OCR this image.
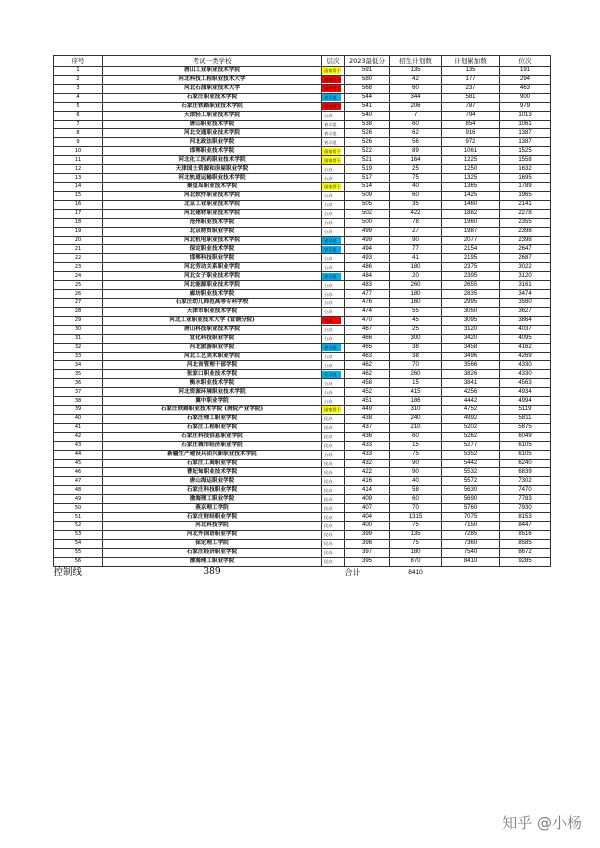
序号	考试一类学校	层次	2023最低分	招生计划数	计划累加数	位次
1	唐山工业职业技术学院	国家骨干	591	135	135	191
2	河北科技工程职业技术大学	国家骨干	580	42	177	294
3	河北石油职业技术大学	国家骨干	568	60	237	463
4	石家庄职业技术学院	省示范	544	344	581	900
5	石家庄铁路职业技术学院	国家骨干	541	206	787	979
6	天津轻工职业技术学院	公办	540	7	794	1013
7	唐山职业技术学院	省示范	538	60	854	1061
8	河北交通职业技术学院	省示范	526	62	916	1387
9	河北政法职业学院	省示范	526	56	972	1387
10	邯郸职业技术学院	国家骨干	522	89	1061	1525
11	河北化工医药职业技术学院	国家骨干	521	164	1225	1558
12	天津国土资源和房屋职业学院	公办	519	25	1250	1632
13	河北轨道运输职业技术学院	公办	517	75	1325	1695
14	秦皇岛职业技术学院	国家骨干	514	40	1365	1789
15	河北软件职业技术学院	公办	509	60	1425	1965
16	北京工业职业技术学院	公办	505	35	1460	2141
17	河北建材职业技术学院	公办	502	422	1882	2278
18	沧州职业技术学院	公办	500	78	1960	2355
19	北京财贸职业学院	公办	499	27	1987	2398
20	河北机电职业技术学院	省示范	499	90	2077	2398
21	保定职业技术学院	省示范	494	77	2154	2647
22	邯郸科技职业学院	公办	493	41	2195	2687
23	河北劳动关系职业学院	公办	486	180	2375	3022
24	河北女子职业技术学院	省示范	484	20	2395	3120
25	河北能源职业技术学院	公办	483	260	2655	3161
26	廊坊职业技术学院	公办	477	180	2835	3474
27	石家庄幼儿师范高等专科学校	公办	476	160	2995	3580
28	天津市职业技术学院	公办	474	55	3050	3627
29	河北工业职业技术大学 (宣钢分院)	双高	470	45	3095	3864
30	唐山科技职业技术学院	公办	467	25	3120	4037
31	宣化科技职业学院	公办	466	300	3420	4095
32	河北旅游职业学院	省示范	465	38	3458	4162
33	河北工艺美术职业学院	公办	463	38	3496	4269
34	河北省管理干部学院	公办	462	70	3566	4330
35	张家口职业技术学院	省示范	462	260	3826	4330
36	衡水职业技术学院	公办	458	15	3841	4563
37	河北资源环境职业技术学院	公办	452	415	4256	4934
38	冀中职业学院	公办	451	186	4442	4994
39	石家庄铁路职业技术学院 (唐院产业学院)	国家骨干	449	310	4752	5119
40	石家庄理工职业学院	民办	438	240	4992	5811
41	石家庄工程职业学院	民办	437	210	5202	5875
42	石家庄科技信息职业学院	民办	436	60	5262	6049
43	石家庄城市经济职业学院	民办	433	15	5277	6105
44	新疆生产建设兵团兴新职业技术学院	公办	433	75	5352	6105
45	石家庄工商职业学院	民办	432	90	5442	6240
46	曹妃甸职业技术学院	民办	422	90	5532	6839
47	唐山海运职业学院	民办	416	40	5572	7302
48	石家庄科技职业学院	民办	414	58	5630	7470
49	渤海理工职业学院	民办	409	60	5690	7783
50	燕京理工学院	民办	407	70	5760	7930
51	石家庄财经职业学院	民办	404	1315	7075	8153
52	河北科技学院	民办	400	75	7150	8447
53	河北外国语职业学院	民办	399	135	7285	8516
54	保定理工学院	民办	398	75	7360	8585
55	石家庄经济职业学院	民办	397	180	7540	8672
56	渤海理工职业学院	民办	395	870	8410	9285
控制线	389		合计	8410		
知乎 @小杨
